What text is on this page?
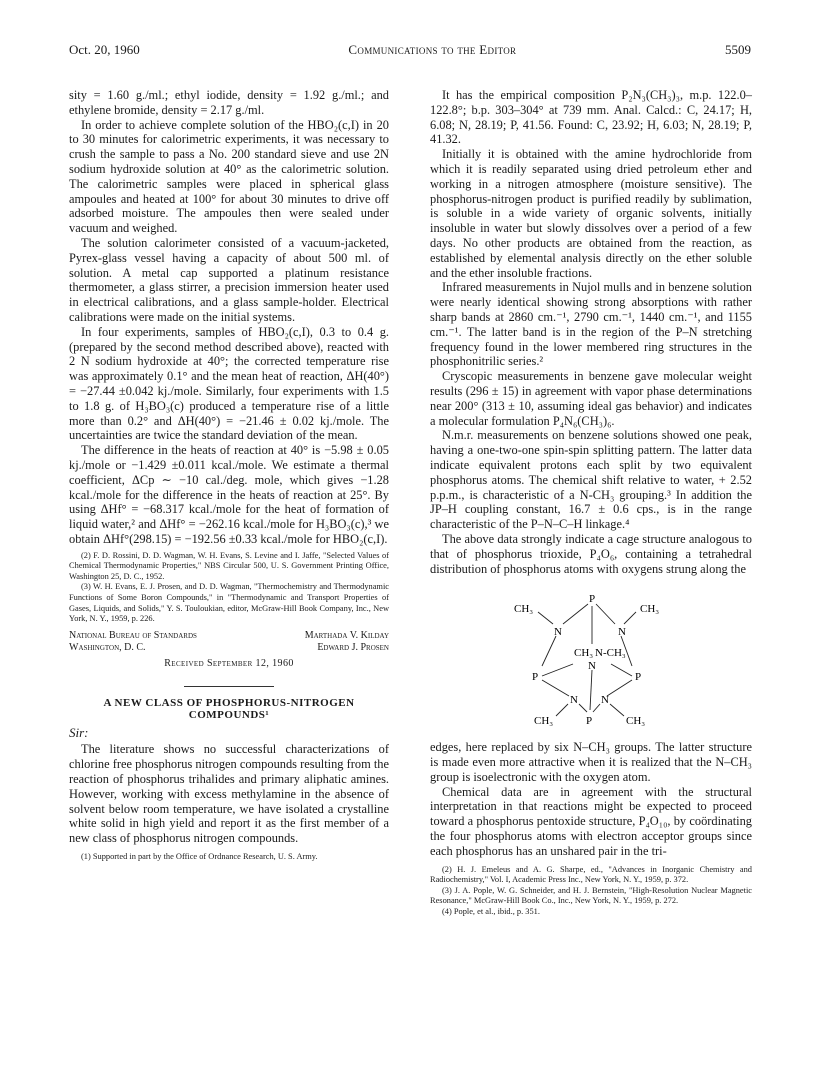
Oct. 20, 1960	Communications to the Editor	5509

sity = 1.60 g./ml.; ethyl iodide, density = 1.92 g./ml.; and ethylene bromide, density = 2.17 g./ml.

In order to achieve complete solution of the HBO₂(c,I) in 20 to 30 minutes for calorimetric experiments, it was necessary to crush the sample to pass a No. 200 standard sieve and use 2N sodium hydroxide solution at 40° as the calorimetric solution. The calorimetric samples were placed in spherical glass ampoules and heated at 100° for about 30 minutes to drive off adsorbed moisture. The ampoules then were sealed under vacuum and weighed.

The solution calorimeter consisted of a vacuum-jacketed, Pyrex-glass vessel having a capacity of about 500 ml. of solution. A metal cap supported a platinum resistance thermometer, a glass stirrer, a precision immersion heater used in electrical calibrations, and a glass sample-holder. Electrical calibrations were made on the initial systems.

In four experiments, samples of HBO₂(c,I), 0.3 to 0.4 g. (prepared by the second method described above), reacted with 2 N sodium hydroxide at 40°; the corrected temperature rise was approximately 0.1° and the mean heat of reaction, ΔH(40°) = −27.44 ±0.042 kj./mole. Similarly, four experiments with 1.5 to 1.8 g. of H₃BO₃(c) produced a temperature rise of a little more than 0.2° and ΔH(40°) = −21.46 ± 0.02 kj./mole. The uncertainties are twice the standard deviation of the mean.

The difference in the heats of reaction at 40° is −5.98 ± 0.05 kj./mole or −1.429 ±0.011 kcal./mole. We estimate a thermal coefficient, ΔCp ∼ −10 cal./deg. mole, which gives −1.28 kcal./mole for the difference in the heats of reaction at 25°. By using ΔHf° = −68.317 kcal./mole for the heat of formation of liquid water,² and ΔHf° = −262.16 kcal./mole for H₃BO₃(c),³ we obtain ΔHf°(298.15) = −192.56 ±0.33 kcal./mole for HBO₂(c,I).

(2) F. D. Rossini, D. D. Wagman, W. H. Evans, S. Levine and I. Jaffe, "Selected Values of Chemical Thermodynamic Properties," NBS Circular 500, U. S. Government Printing Office, Washington 25, D. C., 1952.

(3) W. H. Evans, E. J. Prosen, and D. D. Wagman, "Thermochemistry and Thermodynamic Functions of Some Boron Compounds," in "Thermodynamic and Transport Properties of Gases, Liquids, and Solids," Y. S. Touloukian, editor, McGraw-Hill Book Company, Inc., New York, N. Y., 1959, p. 226.

National Bureau of Standards
Washington, D. C.
Marthada V. Kilday
Edward J. Prosen
Received September 12, 1960
A NEW CLASS OF PHOSPHORUS-NITROGEN COMPOUNDS¹
Sir:

The literature shows no successful characterizations of chlorine free phosphorus nitrogen compounds resulting from the reaction of phosphorus trihalides and primary aliphatic amines. However, working with excess methylamine in the absence of solvent below room temperature, we have isolated a crystalline white solid in high yield and report it as the first member of a new class of phosphorus nitrogen compounds.

(1) Supported in part by the Office of Ordnance Research, U. S. Army.

It has the empirical composition P₂N₃(CH₃)₃, m.p. 122.0–122.8°; b.p. 303–304° at 739 mm. Anal. Calcd.: C, 24.17; H, 6.08; N, 28.19; P, 41.56. Found: C, 23.92; H, 6.03; N, 28.19; P, 41.32.

Initially it is obtained with the amine hydrochloride from which it is readily separated using dried petroleum ether and working in a nitrogen atmosphere (moisture sensitive). The phosphorus-nitrogen product is purified readily by sublimation, is soluble in a wide variety of organic solvents, initially insoluble in water but slowly dissolves over a period of a few days. No other products are obtained from the reaction, as established by elemental analysis directly on the ether soluble and the ether insoluble fractions.

Infrared measurements in Nujol mulls and in benzene solution were nearly identical showing strong absorptions with rather sharp bands at 2860 cm.⁻¹, 2790 cm.⁻¹, 1440 cm.⁻¹, and 1155 cm.⁻¹. The latter band is in the region of the P–N stretching frequency found in the lower membered ring structures in the phosphonitrilic series.²

Cryscopic measurements in benzene gave molecular weight results (296 ± 15) in agreement with vapor phase determinations near 200° (313 ± 10, assuming ideal gas behavior) and indicates a molecular formulation P₄N₆(CH₃)₆.

N.m.r. measurements on benzene solutions showed one peak, having a one-two-one spin-spin splitting pattern. The latter data indicate equivalent protons each split by two equivalent phosphorus atoms. The chemical shift relative to water, + 2.52 p.p.m., is characteristic of a N-CH₃ grouping.³ In addition the JP–H coupling constant, 16.7 ± 0.6 cps., is in the range characteristic of the P–N–C–H linkage.⁴

The above data strongly indicate a cage structure analogous to that of phosphorus trioxide, P₄O₆, containing a tetrahedral distribution of phosphorus atoms with oxygens strung along the

P
CH₃	CH₃
N	N
CH₃ N-CH₃
N
P	P
N N
CH₃	P	CH₃

edges, here replaced by six N–CH₃ groups. The latter structure is made even more attractive when it is realized that the N–CH₃ group is isoelectronic with the oxygen atom.

Chemical data are in agreement with the structural interpretation in that reactions might be expected to proceed toward a phosphorus pentoxide structure, P₄O₁₀, by coördinating the four phosphorus atoms with electron acceptor groups since each phosphorus has an unshared pair in the tri-

(2) H. J. Emeleus and A. G. Sharpe, ed., "Advances in Inorganic Chemistry and Radiochemistry," Vol. I, Academic Press Inc., New York, N. Y., 1959, p. 372.

(3) J. A. Pople, W. G. Schneider, and H. J. Bernstein, "High-Resolution Nuclear Magnetic Resonance," McGraw-Hill Book Co., Inc., New York, N. Y., 1959, p. 272.

(4) Pople, et al., ibid., p. 351.
